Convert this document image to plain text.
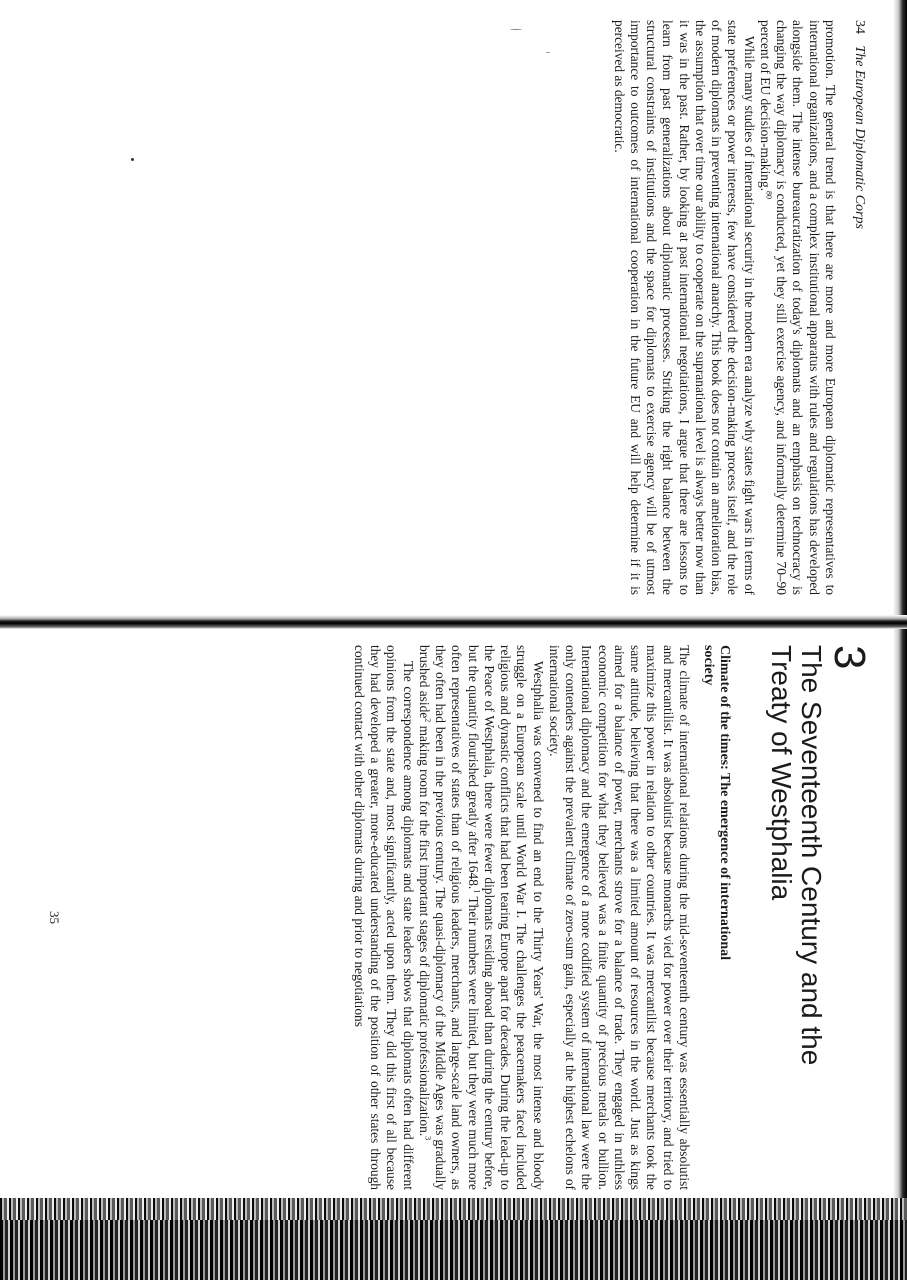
34 The European Diplomatic Corps

promotion. The general trend is that there are more and more European diplomatic representatives to international organizations, and a complex institutional apparatus with rules and regulations has developed alongside them. The intense bureaucratization of today's diplomats and an emphasis on technocracy is changing the way diplomacy is conducted, yet they still exercise agency, and informally determine 70–90 percent of EU decision-making.$^{80}$

While many studies of international security in the modern era analyze why states fight wars in terms of state preferences or power interests, few have considered the decision-making process itself, and the role of modern diplomats in preventing international anarchy. This book does not contain an amelioration bias, the assumption that over time our ability to cooperate on the supranational level is always better now than it was in the past. Rather, by looking at past international negotiations, I argue that there are lessons to learn from past generalizations about diplomatic processes. Striking the right balance between the structural constraints of institutions and the space for diplomats to exercise agency will be of utmost importance to outcomes of international cooperation in the future EU and will help determine if it is perceived as democratic.

3
The Seventeenth Century and the
Treaty of Westphalia
Climate of the times: The emergence of international
society

The climate of international relations during the mid-seventeenth century was essentially absolutist and mercantilist. It was absolutist because monarchs vied for power over their territory, and tried to maximize this power in relation to other countries. It was mercantilist because merchants took the same attitude, believing that there was a limited amount of resources in the world. Just as kings aimed for a balance of power, merchants strove for a balance of trade. They engaged in ruthless economic competition for what they believed was a finite quantity of precious metals or bullion. International diplomacy and the emergence of a more codified system of international law were the only contenders against the prevalent climate of zero-sum gain, especially at the highest echelons of international society.

Westphalia was convened to find an end to the Thirty Years' War, the most intense and bloody struggle on a European scale until World War I. The challenges the peacemakers faced included religious and dynastic conflicts that had been tearing Europe apart for decades. During the lead-up to the Peace of Westphalia, there were fewer diplomats residing abroad than during the century before, but the quantity flourished greatly after 1648.$^1$ Their numbers were limited, but they were much more often representatives of states than of religious leaders, merchants, and large-scale land owners, as they often had been in the previous century. The quasi-diplomacy of the Middle Ages was gradually brushed aside$^2$ making room for the first important stages of diplomatic professionalization.$^3$

The correspondence among diplomats and state leaders shows that diplomats often had different opinions from the state and, most significantly, acted upon them. They did this first of all because they had developed a greater, more-educated understanding of the position of other states through continued contact with other diplomats during and prior to negotiations

35
